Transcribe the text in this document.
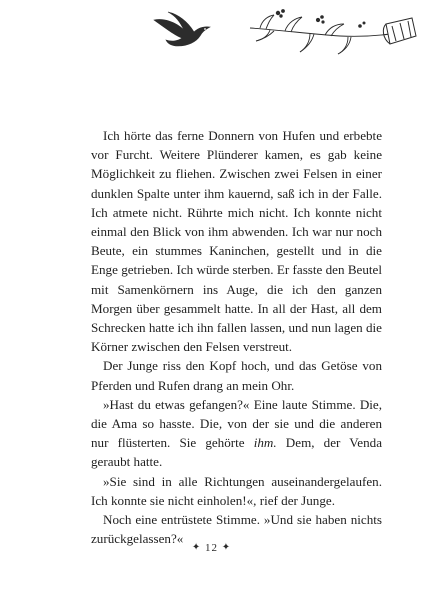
Ich hörte das ferne Donnern von Hufen und erbebte vor Furcht. Weitere Plünderer kamen, es gab keine Möglichkeit zu fliehen. Zwischen zwei Felsen in einer dunklen Spalte unter ihm kauernd, saß ich in der Falle. Ich atmete nicht. Rührte mich nicht. Ich konnte nicht einmal den Blick von ihm abwenden. Ich war nur noch Beute, ein stummes Kaninchen, gestellt und in die Enge getrieben. Ich würde sterben. Er fasste den Beutel mit Samenkörnern ins Auge, die ich den ganzen Morgen über gesammelt hatte. In all der Hast, all dem Schrecken hatte ich ihn fallen lassen, und nun lagen die Körner zwischen den Felsen verstreut.

Der Junge riss den Kopf hoch, und das Getöse von Pferden und Rufen drang an mein Ohr.

»Hast du etwas gefangen?« Eine laute Stimme. Die, die Ama so hasste. Die, von der sie und die anderen nur flüsterten. Sie gehörte ihm. Dem, der Venda geraubt hatte.

»Sie sind in alle Richtungen auseinandergelaufen. Ich konnte sie nicht einholen!«, rief der Junge.

Noch eine entrüstete Stimme. »Und sie haben nichts zurückgelassen?«

✦ 12 ✦
